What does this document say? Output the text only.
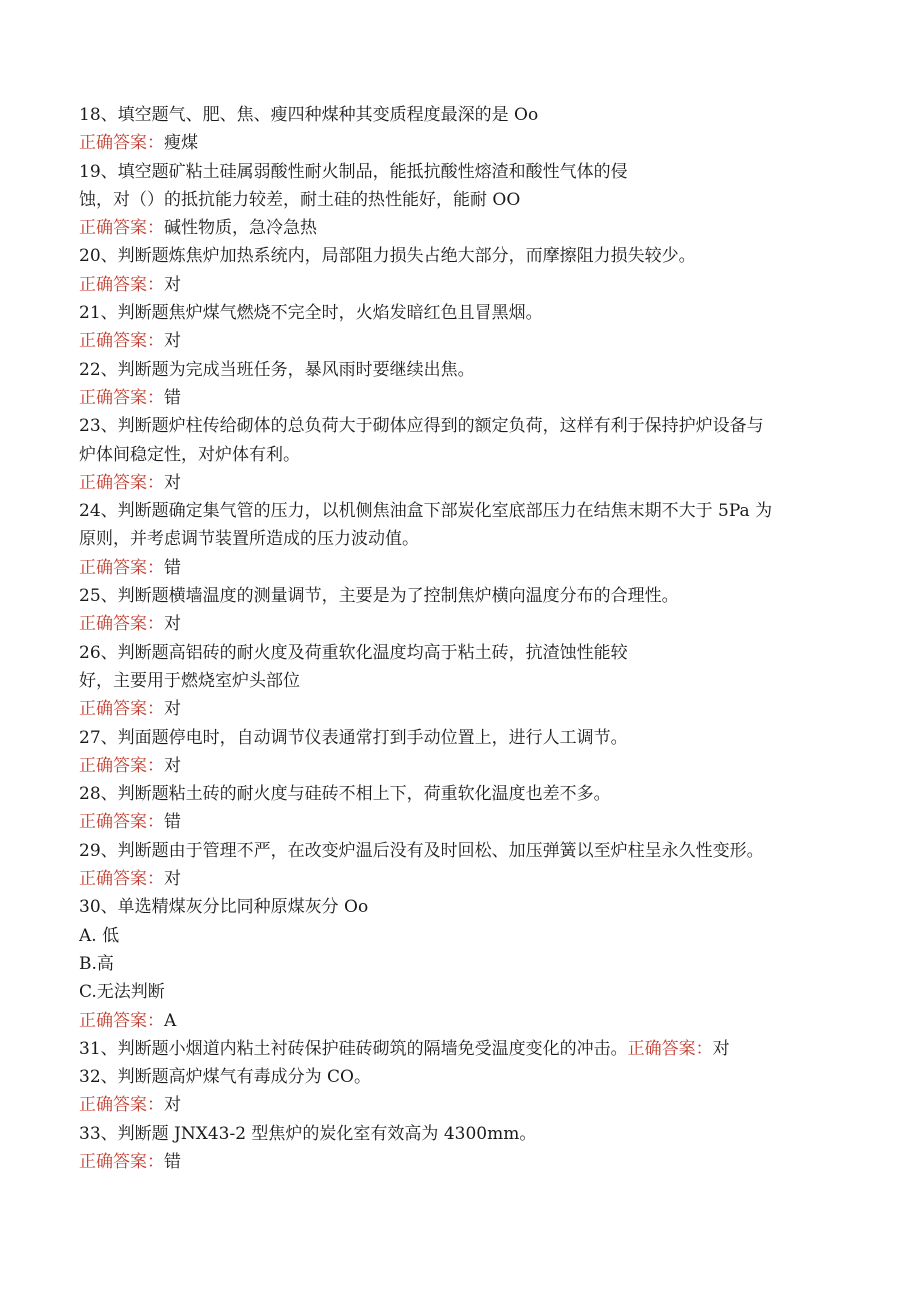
18、填空题气、肥、焦、瘦四种煤种其变质程度最深的是 Oo
正确答案：瘦煤
19、填空题矿粘土硅属弱酸性耐火制品，能抵抗酸性熔渣和酸性气体的侵
蚀，对（）的抵抗能力较差，耐土硅的热性能好，能耐 OO
正确答案：碱性物质，急冷急热
20、判断题炼焦炉加热系统内，局部阻力损失占绝大部分，而摩擦阻力损失较少。
正确答案：对
21、判断题焦炉煤气燃烧不完全时，火焰发暗红色且冒黑烟。
正确答案：对
22、判断题为完成当班任务，暴风雨时要继续出焦。
正确答案：错
23、判断题炉柱传给砌体的总负荷大于砌体应得到的额定负荷，这样有利于保持护炉设备与
炉体间稳定性，对炉体有利。
正确答案：对
24、判断题确定集气管的压力，以机侧焦油盒下部炭化室底部压力在结焦末期不大于 5Pa 为
原则，并考虑调节装置所造成的压力波动值。
正确答案：错
25、判断题横墙温度的测量调节，主要是为了控制焦炉横向温度分布的合理性。
正确答案：对
26、判断题高铝砖的耐火度及荷重软化温度均高于粘土砖，抗渣蚀性能较
好，主要用于燃烧室炉头部位
正确答案：对
27、判面题停电时，自动调节仪表通常打到手动位置上，进行人工调节。
正确答案：对
28、判断题粘土砖的耐火度与硅砖不相上下，荷重软化温度也差不多。
正确答案：错
29、判断题由于管理不严，在改变炉温后没有及时回松、加压弹簧以至炉柱呈永久性变形。
正确答案：对
30、单选精煤灰分比同种原煤灰分 Oo
A. 低
B.高
C.无法判断
正确答案：A
31、判断题小烟道内粘土衬砖保护硅砖砌筑的隔墙免受温度变化的冲击。正确答案：对
32、判断题高炉煤气有毒成分为 CO。
正确答案：对
33、判断题 JNX43-2 型焦炉的炭化室有效高为 4300mm。
正确答案：错
